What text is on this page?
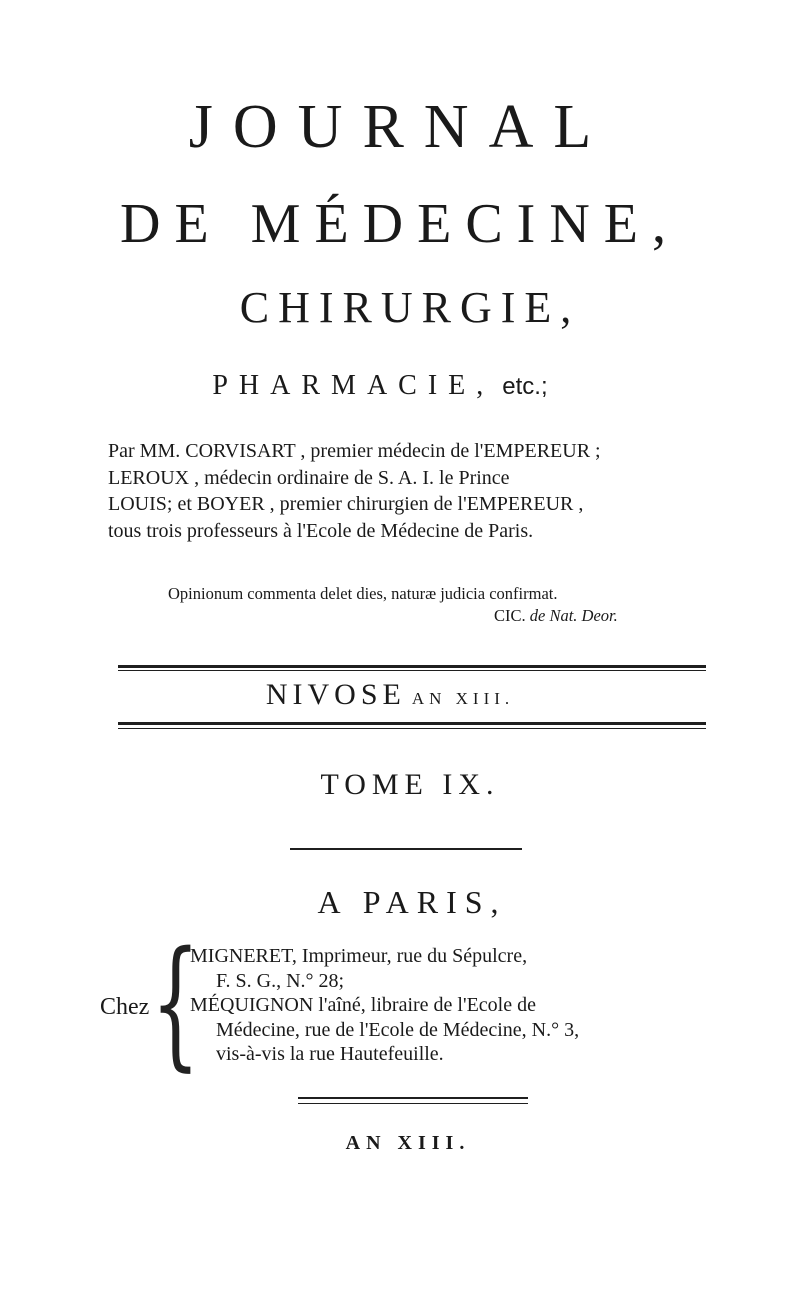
JOURNAL
DE MÉDECINE,
CHIRURGIE,
PHARMACIE, etc.;
Par MM. CORVISART , premier médecin de l'EMPEREUR ;
LEROUX , médecin ordinaire de S. A. I. le Prince
LOUIS; et BOYER , premier chirurgien de l'EMPEREUR ,
tous trois professeurs à l'Ecole de Médecine de Paris.
Opinionum commenta delet dies, naturæ judicia confirmat.
CIC. de Nat. Deor.
NIVOSE AN XIII.
TOME IX.
A PARIS,
Chez {
MIGNERET, Imprimeur, rue du Sépulcre,
F. S. G., N.° 28;
MÉQUIGNON l'aîné, libraire de l'Ecole de
Médecine, rue de l'Ecole de Médecine, N.° 3,
vis-à-vis la rue Hautefeuille.
AN XIII.
